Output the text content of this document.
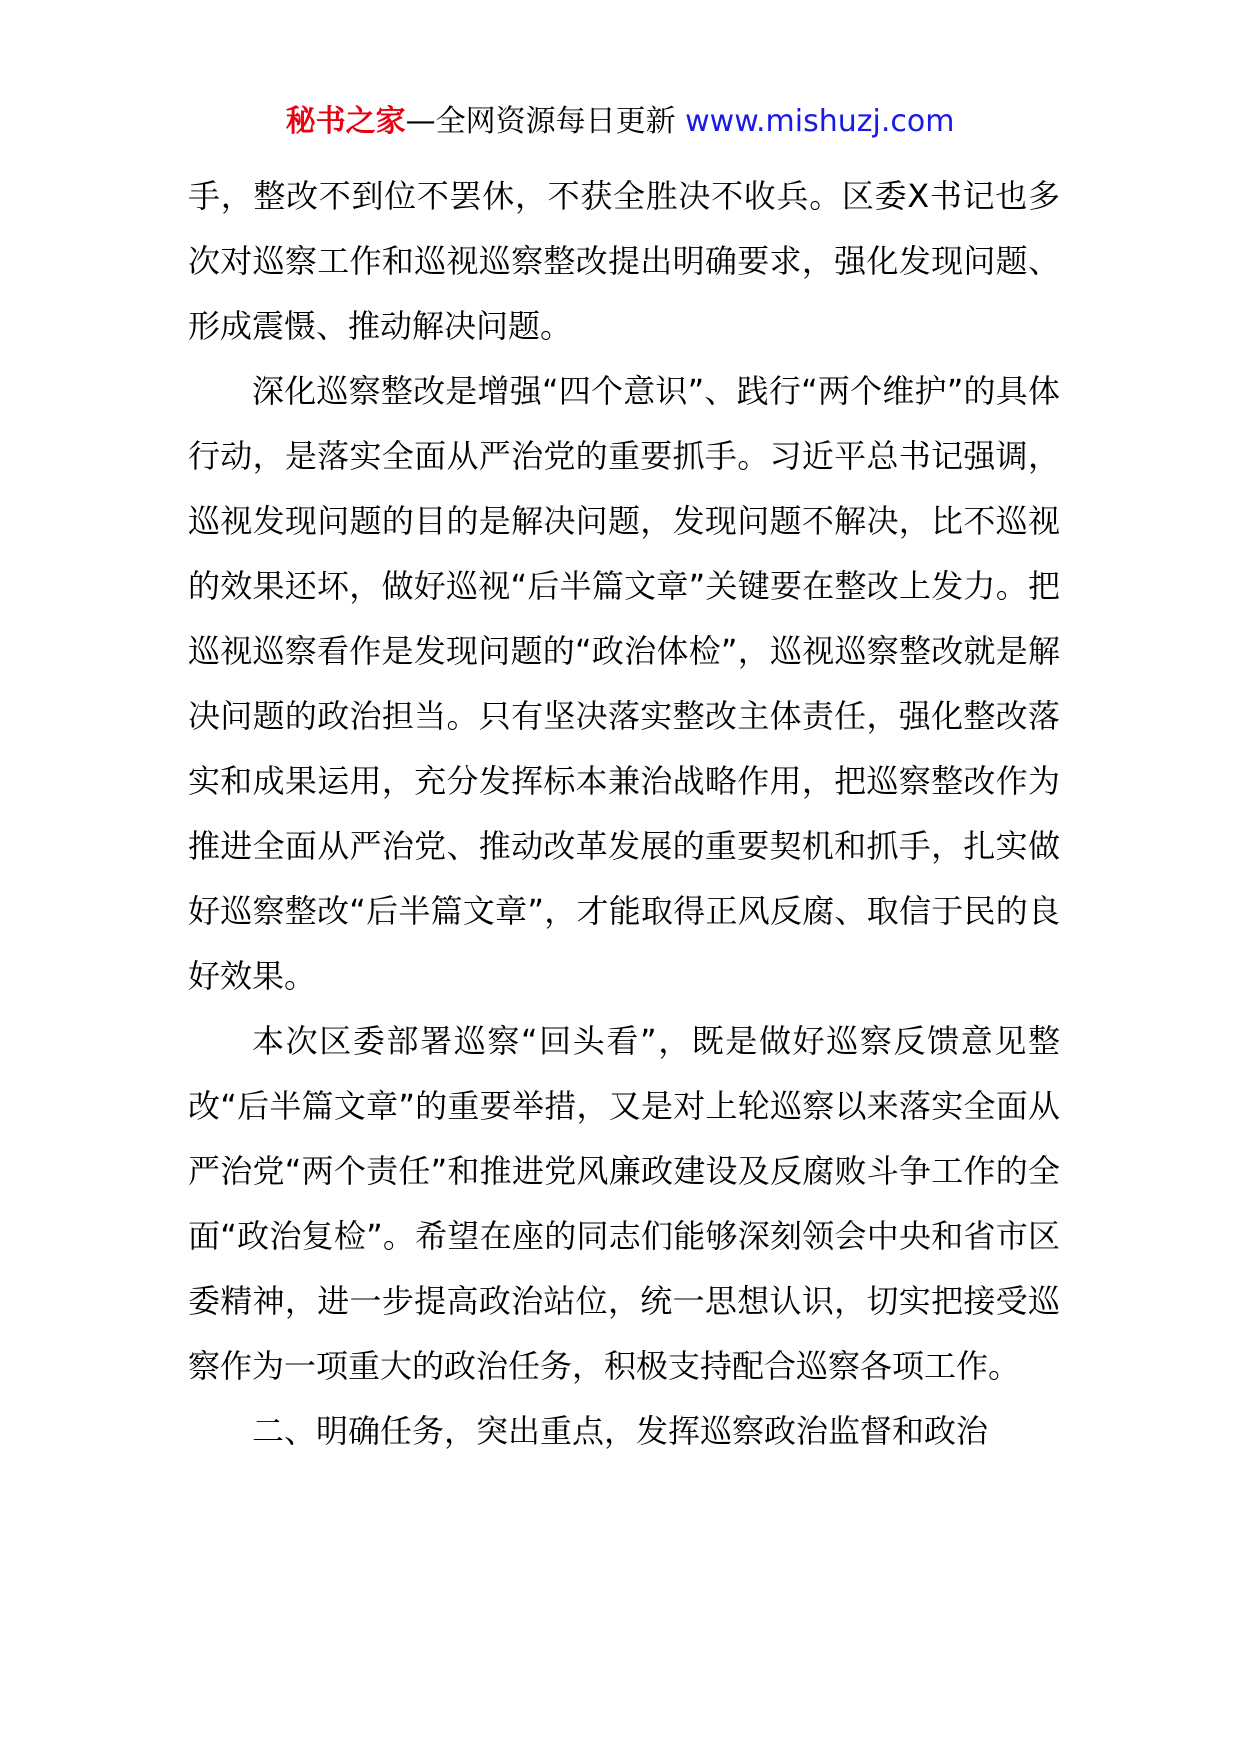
秘书之家—全网资源每日更新 www.mishuzj.com

手，整改不到位不罢休，不获全胜决不收兵。区委X书记也多次对巡察工作和巡视巡察整改提出明确要求，强化发现问题、形成震慑、推动解决问题。

深化巡察整改是增强“四个意识”、践行“两个维护”的具体行动，是落实全面从严治党的重要抓手。习近平总书记强调，巡视发现问题的目的是解决问题，发现问题不解决，比不巡视的效果还坏，做好巡视“后半篇文章”关键要在整改上发力。把巡视巡察看作是发现问题的“政治体检”，巡视巡察整改就是解决问题的政治担当。只有坚决落实整改主体责任，强化整改落实和成果运用，充分发挥标本兼治战略作用，把巡察整改作为推进全面从严治党、推动改革发展的重要契机和抓手，扎实做好巡察整改“后半篇文章”，才能取得正风反腐、取信于民的良好效果。

本次区委部署巡察“回头看”，既是做好巡察反馈意见整改“后半篇文章”的重要举措，又是对上轮巡察以来落实全面从严治党“两个责任”和推进党风廉政建设及反腐败斗争工作的全面“政治复检”。希望在座的同志们能够深刻领会中央和省市区委精神，进一步提高政治站位，统一思想认识，切实把接受巡察作为一项重大的政治任务，积极支持配合巡察各项工作。

二、明确任务，突出重点，发挥巡察政治监督和政治
